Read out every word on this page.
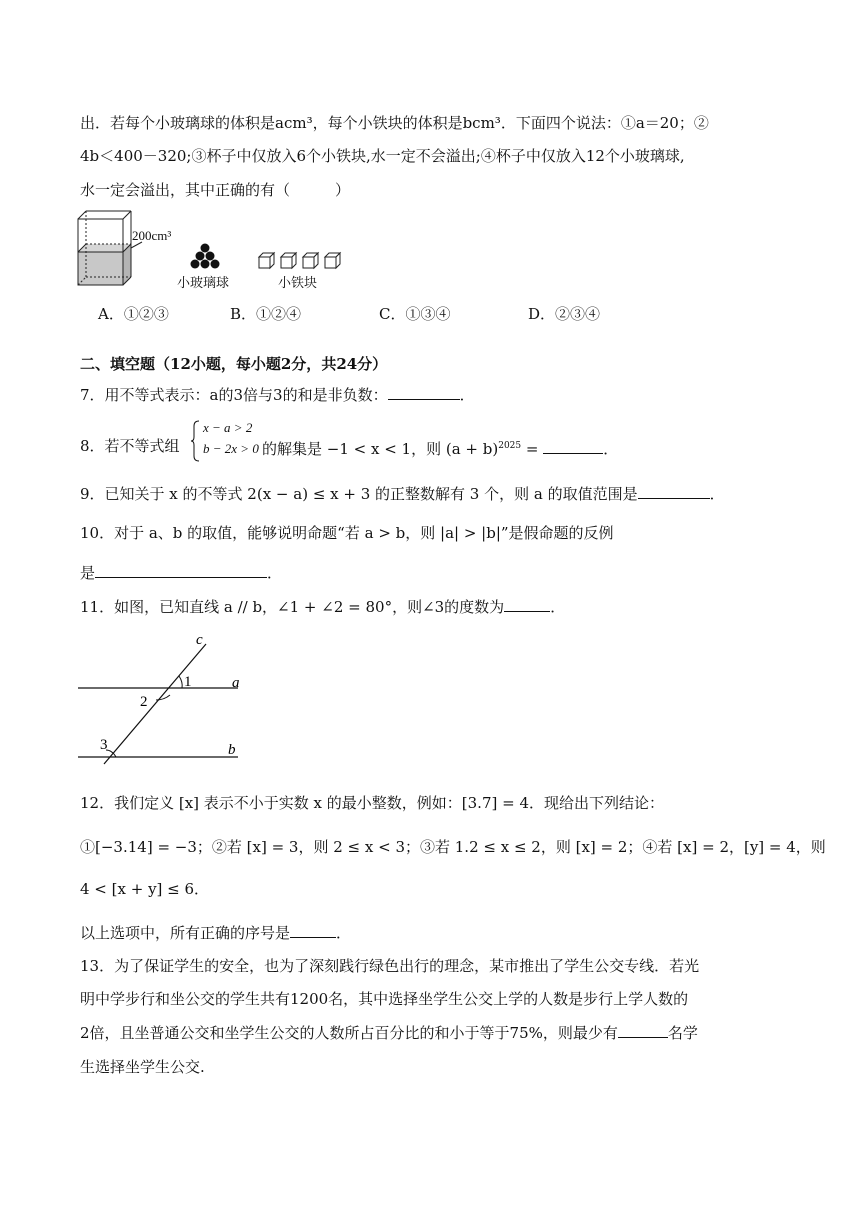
出．若每个小玻璃球的体积是acm³，每个小铁块的体积是bcm³．下面四个说法：①a＝20；②
4b＜400－320;③杯子中仅放入6个小铁块,水一定不会溢出;④杯子中仅放入12个小玻璃球,
水一定会溢出，其中正确的有（　　　）
200cm³
小玻璃球	小铁块
A．①②③	B．①②④	C．①③④	D．②③④
二、填空题（12小题，每小题2分，共24分）
7．用不等式表示：a的3倍与3的和是非负数：	．
8．若不等式组
x − a > 2
b − 2x > 0 的解集是 −1 < x < 1，则 $(a + b)^{2025}$ =	．
9．已知关于 x 的不等式 2(x − a) ≤ x + 3 的正整数解有 3 个，则 a 的取值范围是	．
10．对于 a、b 的取值，能够说明命题“若 a > b，则 |a| > |b|”是假命题的反例
是	．
11．如图，已知直线 a // b，∠1 + ∠2 = 80°，则∠3的度数为	．
c
a
b
1
2
3
12．我们定义 [x] 表示不小于实数 x 的最小整数，例如：[3.7] = 4．现给出下列结论：
①[−3.14] = −3；②若 [x] = 3，则 2 ≤ x < 3；③若 1.2 ≤ x ≤ 2，则 [x] = 2；④若 [x] = 2，[y] = 4，则
4 < [x + y] ≤ 6．
以上选项中，所有正确的序号是	．
13．为了保证学生的安全，也为了深刻践行绿色出行的理念，某市推出了学生公交专线．若光
明中学步行和坐公交的学生共有1200名，其中选择坐学生公交上学的人数是步行上学人数的
2倍，且坐普通公交和坐学生公交的人数所占百分比的和小于等于75%，则最少有	名学
生选择坐学生公交.
